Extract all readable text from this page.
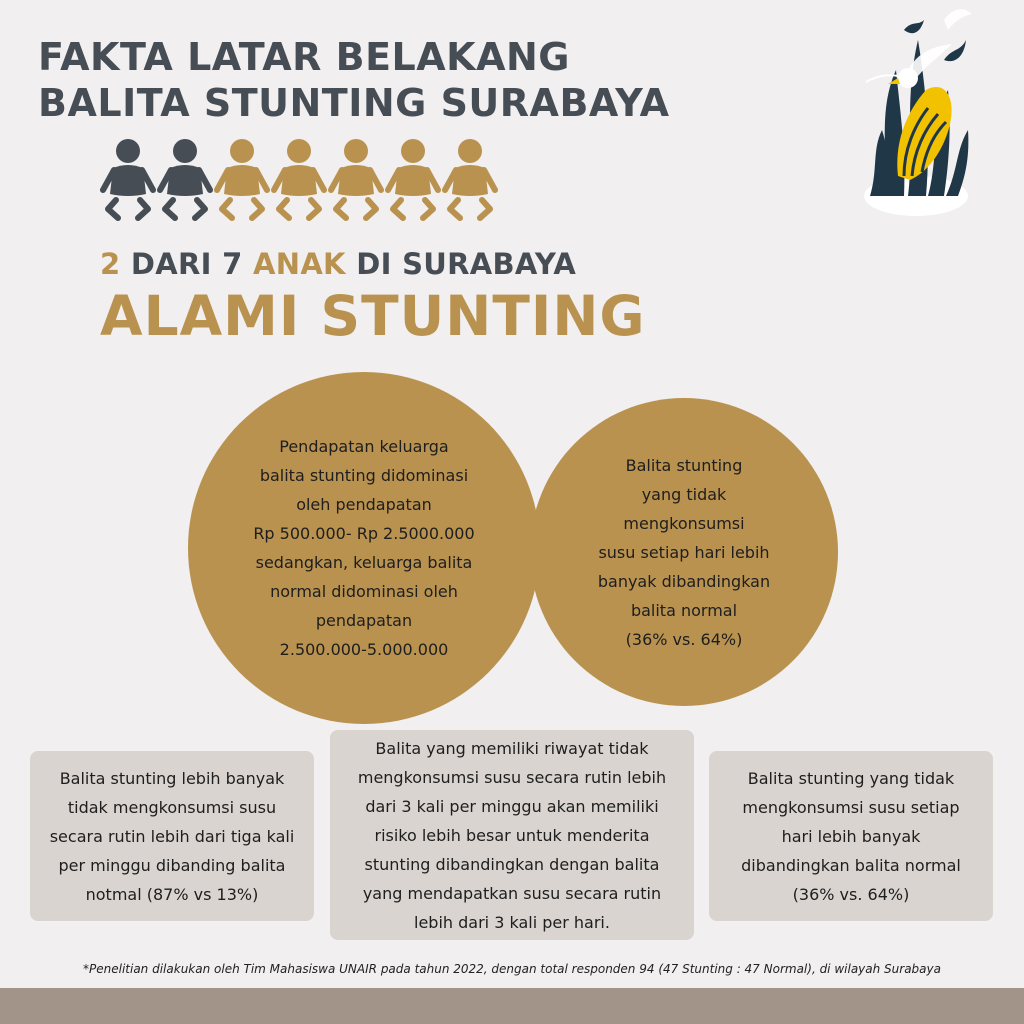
FAKTA LATAR BELAKANG
BALITA STUNTING SURABAYA
2 DARI 7 ANAK DI SURABAYA
ALAMI STUNTING
Pendapatan keluarga
balita stunting didominasi
oleh pendapatan
Rp 500.000- Rp 2.5000.000
sedangkan, keluarga balita
normal didominasi oleh
pendapatan
2.500.000-5.000.000
Balita stunting
yang tidak
mengkonsumsi
susu setiap hari lebih
banyak dibandingkan
balita normal
(36% vs. 64%)
Balita stunting lebih banyak
tidak mengkonsumsi susu
secara rutin lebih dari tiga kali
per minggu dibanding balita
notmal (87% vs 13%)
Balita yang memiliki riwayat tidak
mengkonsumsi susu secara rutin lebih
dari 3 kali per minggu akan memiliki
risiko lebih besar untuk menderita
stunting dibandingkan dengan balita
yang mendapatkan susu secara rutin
lebih dari 3 kali per hari.
Balita stunting yang tidak
mengkonsumsi susu setiap
hari lebih banyak
dibandingkan balita normal
(36% vs. 64%)

*Penelitian dilakukan oleh Tim Mahasiswa UNAIR pada tahun 2022, dengan total responden 94 (47 Stunting : 47 Normal), di wilayah Surabaya
